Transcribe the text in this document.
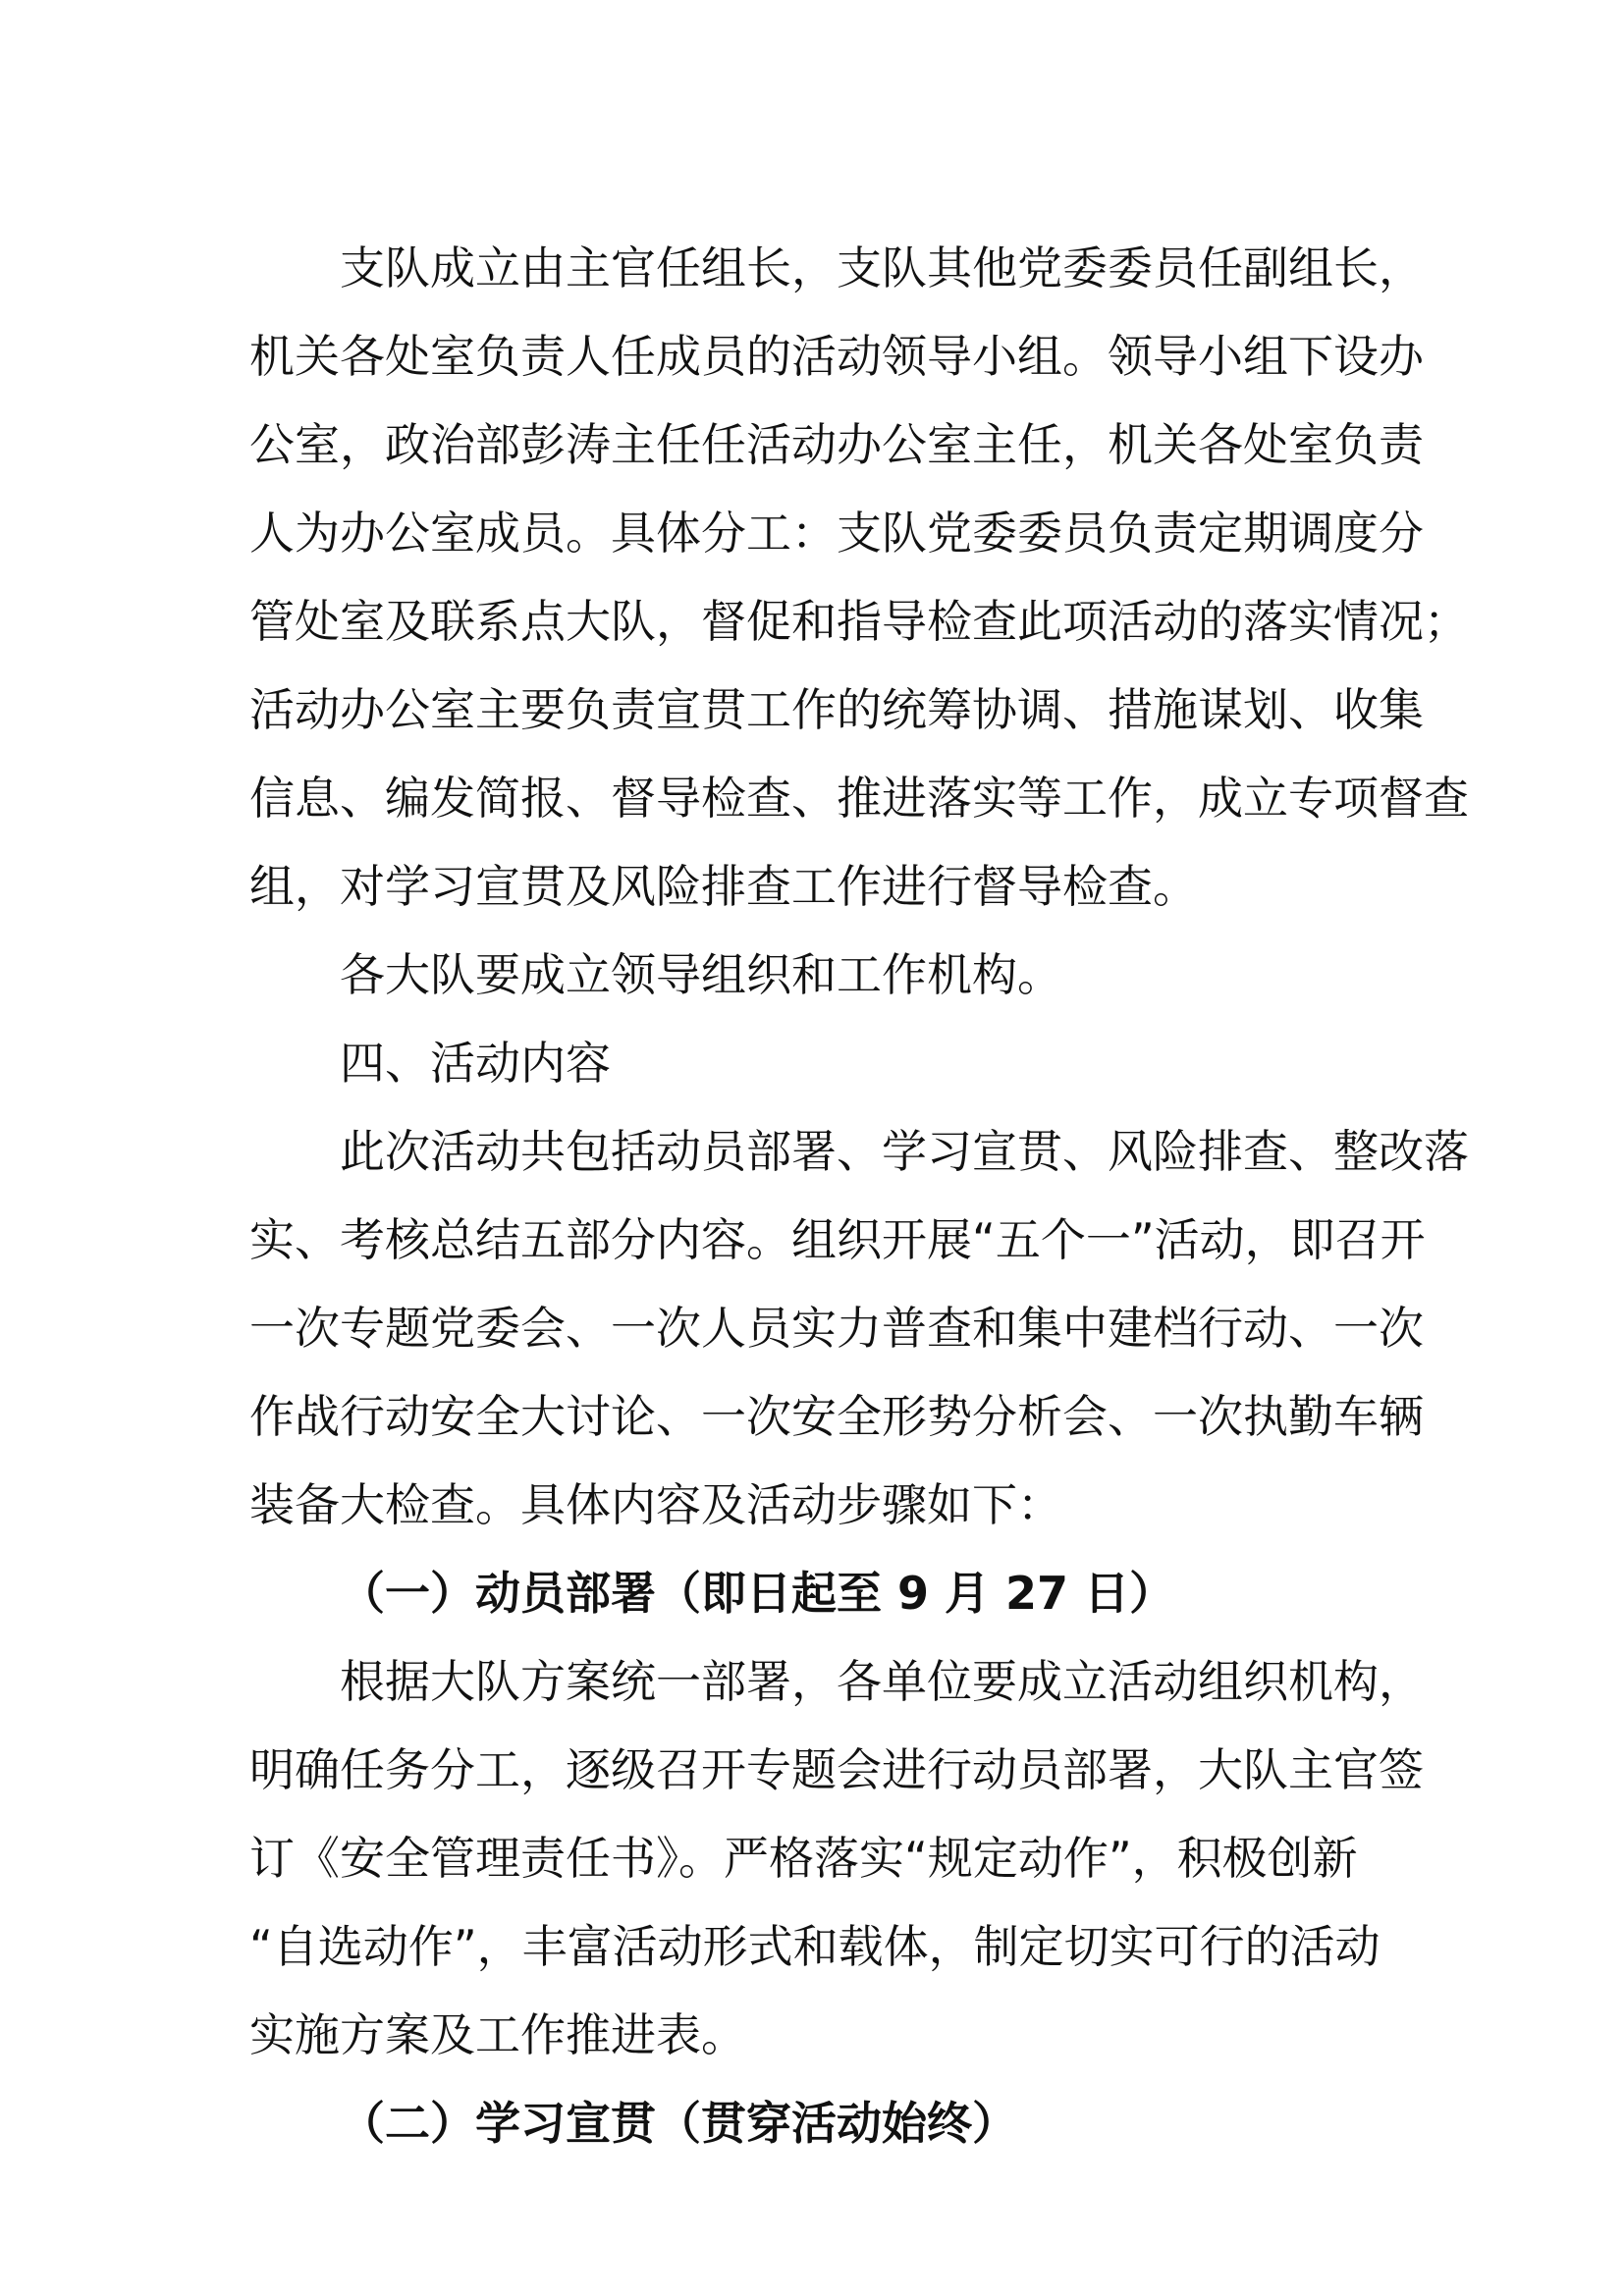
支队成立由主官任组长，支队其他党委委员任副组长，
机关各处室负责人任成员的活动领导小组。领导小组下设办
公室，政治部彭涛主任任活动办公室主任，机关各处室负责
人为办公室成员。具体分工：支队党委委员负责定期调度分
管处室及联系点大队，督促和指导检查此项活动的落实情况；
活动办公室主要负责宣贯工作的统筹协调、措施谋划、收集
信息、编发简报、督导检查、推进落实等工作，成立专项督查
组，对学习宣贯及风险排查工作进行督导检查。

各大队要成立领导组织和工作机构。

四、活动内容

此次活动共包括动员部署、学习宣贯、风险排查、整改落
实、考核总结五部分内容。组织开展“五个一”活动，即召开
一次专题党委会、一次人员实力普查和集中建档行动、一次
作战行动安全大讨论、一次安全形势分析会、一次执勤车辆
装备大检查。具体内容及活动步骤如下：

（一）动员部署（即日起至 9 月 27 日）

根据大队方案统一部署，各单位要成立活动组织机构，
明确任务分工，逐级召开专题会进行动员部署，大队主官签
订《安全管理责任书》。严格落实“规定动作”，积极创新
“自选动作”，丰富活动形式和载体，制定切实可行的活动
实施方案及工作推进表。

（二）学习宣贯（贯穿活动始终）
